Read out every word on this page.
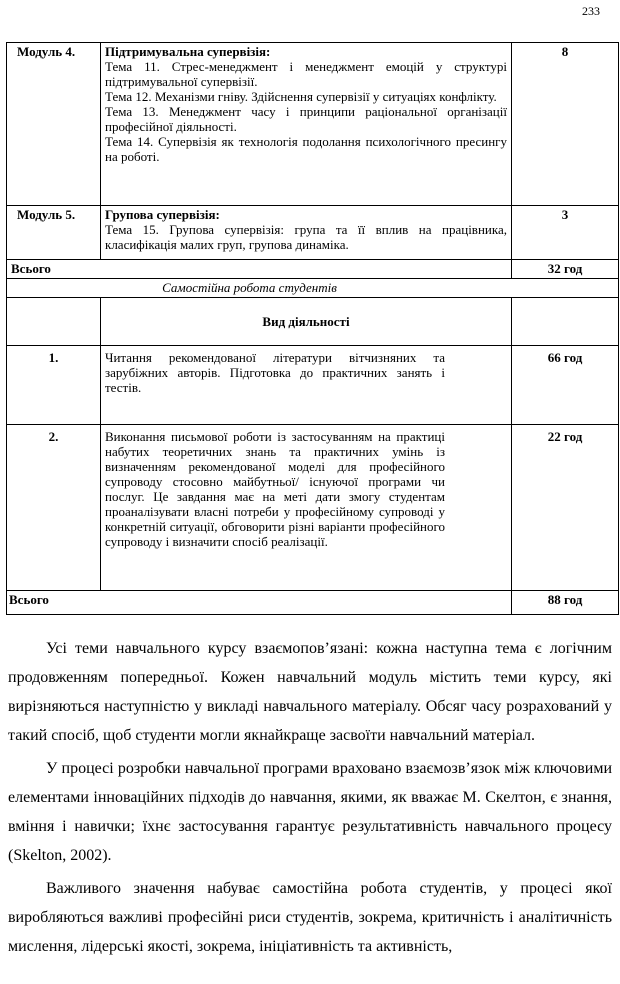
233
Модуль 4.	Підтримувальна супервізія:
Тема 11. Стрес-менеджмент і менеджмент емоцій у структурі підтримувальної супервізії.
Тема 12. Механізми гніву. Здійснення супервізії у ситуаціях конфлікту.
Тема 13. Менеджмент часу і принципи раціональної організації професійної діяльності.
Тема 14. Супервізія як технологія подолання психологічного пресингу на роботі.	8
Модуль 5.	Групова супервізія:
Тема 15. Групова супервізія: група та її вплив на працівника, класифікація малих груп, групова динаміка.	3
Всього		32 год
Самостійна робота студентів		
	Вид діяльності	
1.	Читання рекомендованої літератури вітчизняних та зарубіжних авторів. Підготовка до практичних занять і тестів.	66 год
2.	Виконання письмової роботи із застосуванням на практиці набутих теоретичних знань та практичних умінь із визначенням рекомендованої моделі для професійного супроводу стосовно майбутньої/ існуючої програми чи послуг. Це завдання має на меті дати змогу студентам проаналізувати власні потреби у професійному супроводі у конкретній ситуації, обговорити різні варіанти професійного супроводу і визначити спосіб реалізації.	22 год
Всього		88 год

Усі теми навчального курсу взаємопов’язані: кожна наступна тема є логічним продовженням попередньої. Кожен навчальний модуль містить теми курсу, які вирізняються наступністю у викладі навчального матеріалу. Обсяг часу розрахований у такий спосіб, щоб студенти могли якнайкраще засвоїти навчальний матеріал.

У процесі розробки навчальної програми враховано взаємозв’язок між ключовими елементами інноваційних підходів до навчання, якими, як вважає М. Скелтон, є знання, вміння і навички; їхнє застосування гарантує результативність навчального процесу (Skelton, 2002).

Важливого значення набуває самостійна робота студентів, у процесі якої виробляються важливі професійні риси студентів, зокрема, критичність і аналітичність мислення, лідерські якості, зокрема, ініціативність та активність,
